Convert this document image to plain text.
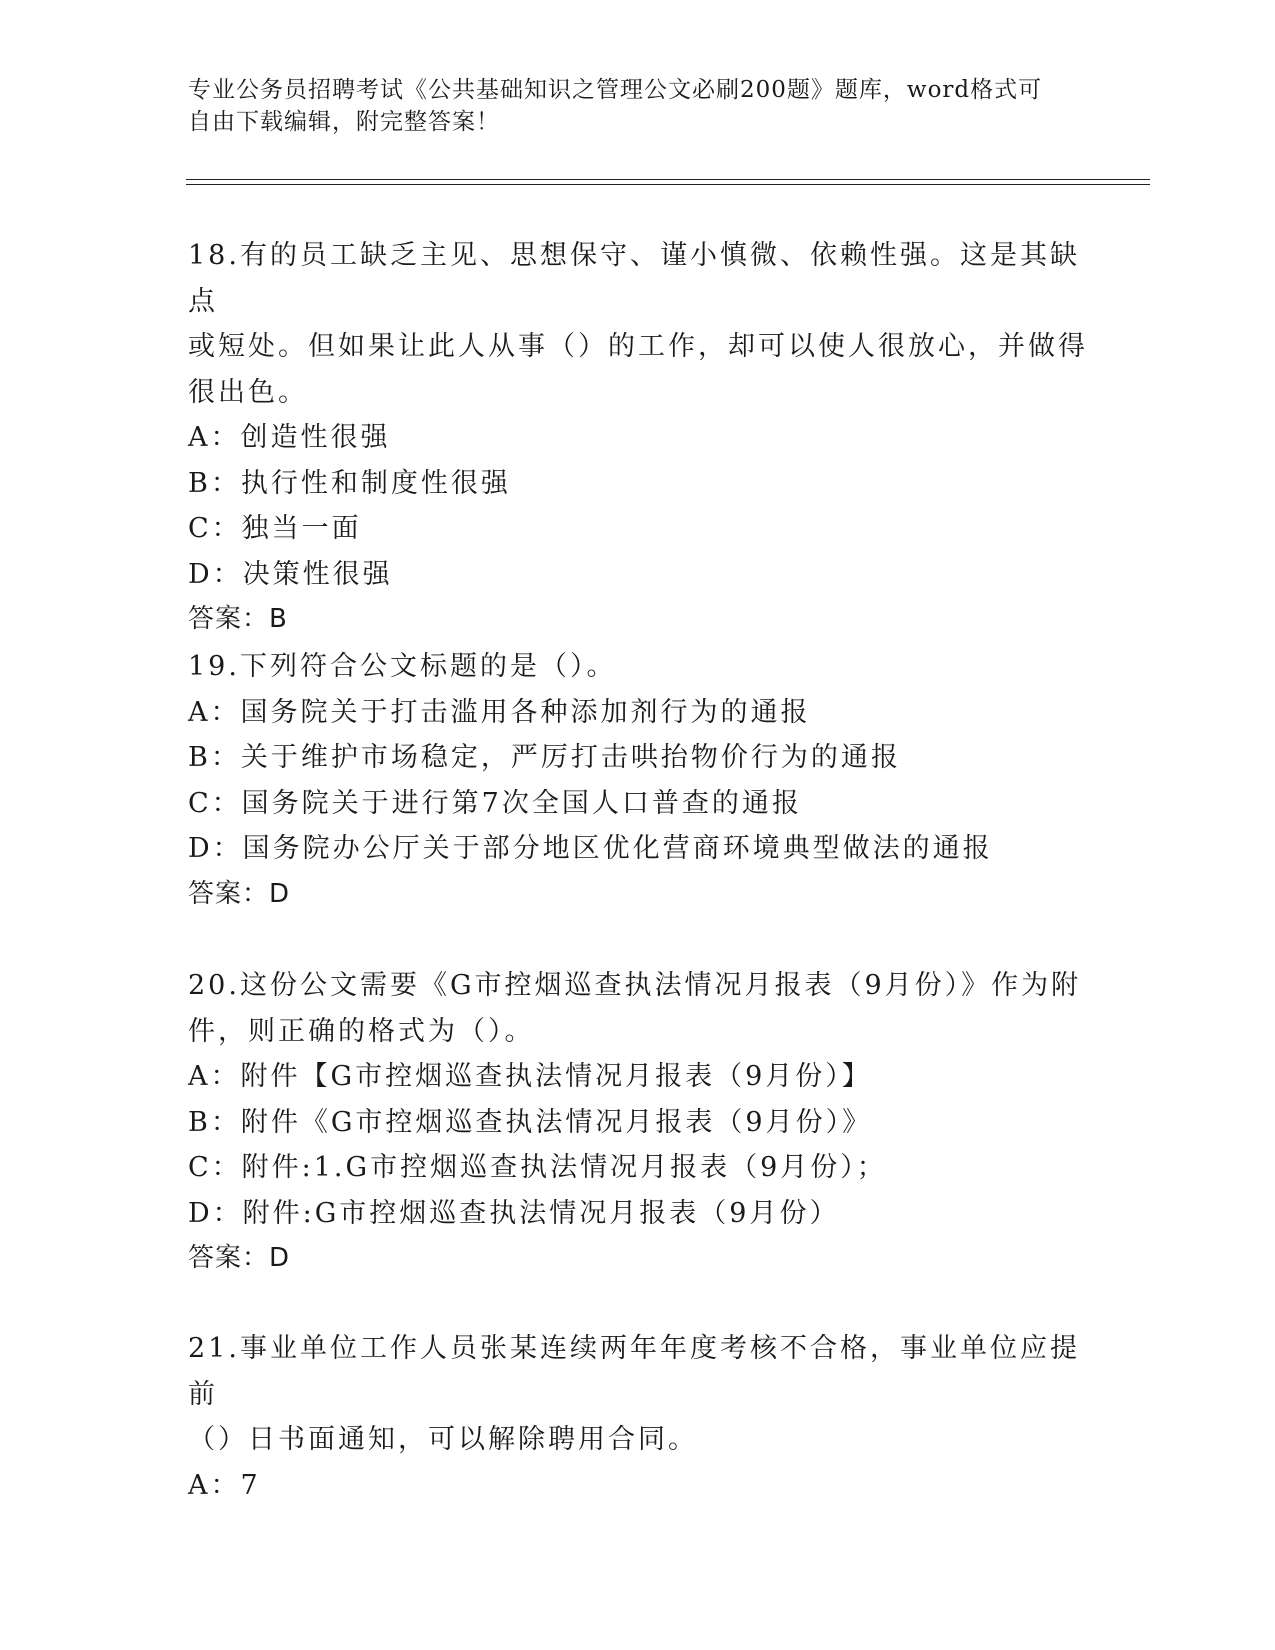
专业公务员招聘考试《公共基础知识之管理公文必刷200题》题库，word格式可
自由下载编辑，附完整答案！

18.有的员工缺乏主见、思想保守、谨小慎微、依赖性强。这是其缺点

或短处。但如果让此人从事（）的工作，却可以使人很放心，并做得

很出色。

A：创造性很强

B：执行性和制度性很强

C：独当一面

D：决策性很强

答案：B

19.下列符合公文标题的是（）。

A：国务院关于打击滥用各种添加剂行为的通报

B：关于维护市场稳定，严厉打击哄抬物价行为的通报

C：国务院关于进行第7次全国人口普查的通报

D：国务院办公厅关于部分地区优化营商环境典型做法的通报

答案：D

20.这份公文需要《G市控烟巡查执法情况月报表（9月份）》作为附

件，则正确的格式为（）。

A：附件【G市控烟巡查执法情况月报表（9月份）】

B：附件《G市控烟巡查执法情况月报表（9月份）》

C：附件:1.G市控烟巡查执法情况月报表（9月份）；

D：附件:G市控烟巡查执法情况月报表（9月份）

答案：D

21.事业单位工作人员张某连续两年年度考核不合格，事业单位应提前

（）日书面通知，可以解除聘用合同。

A：7
